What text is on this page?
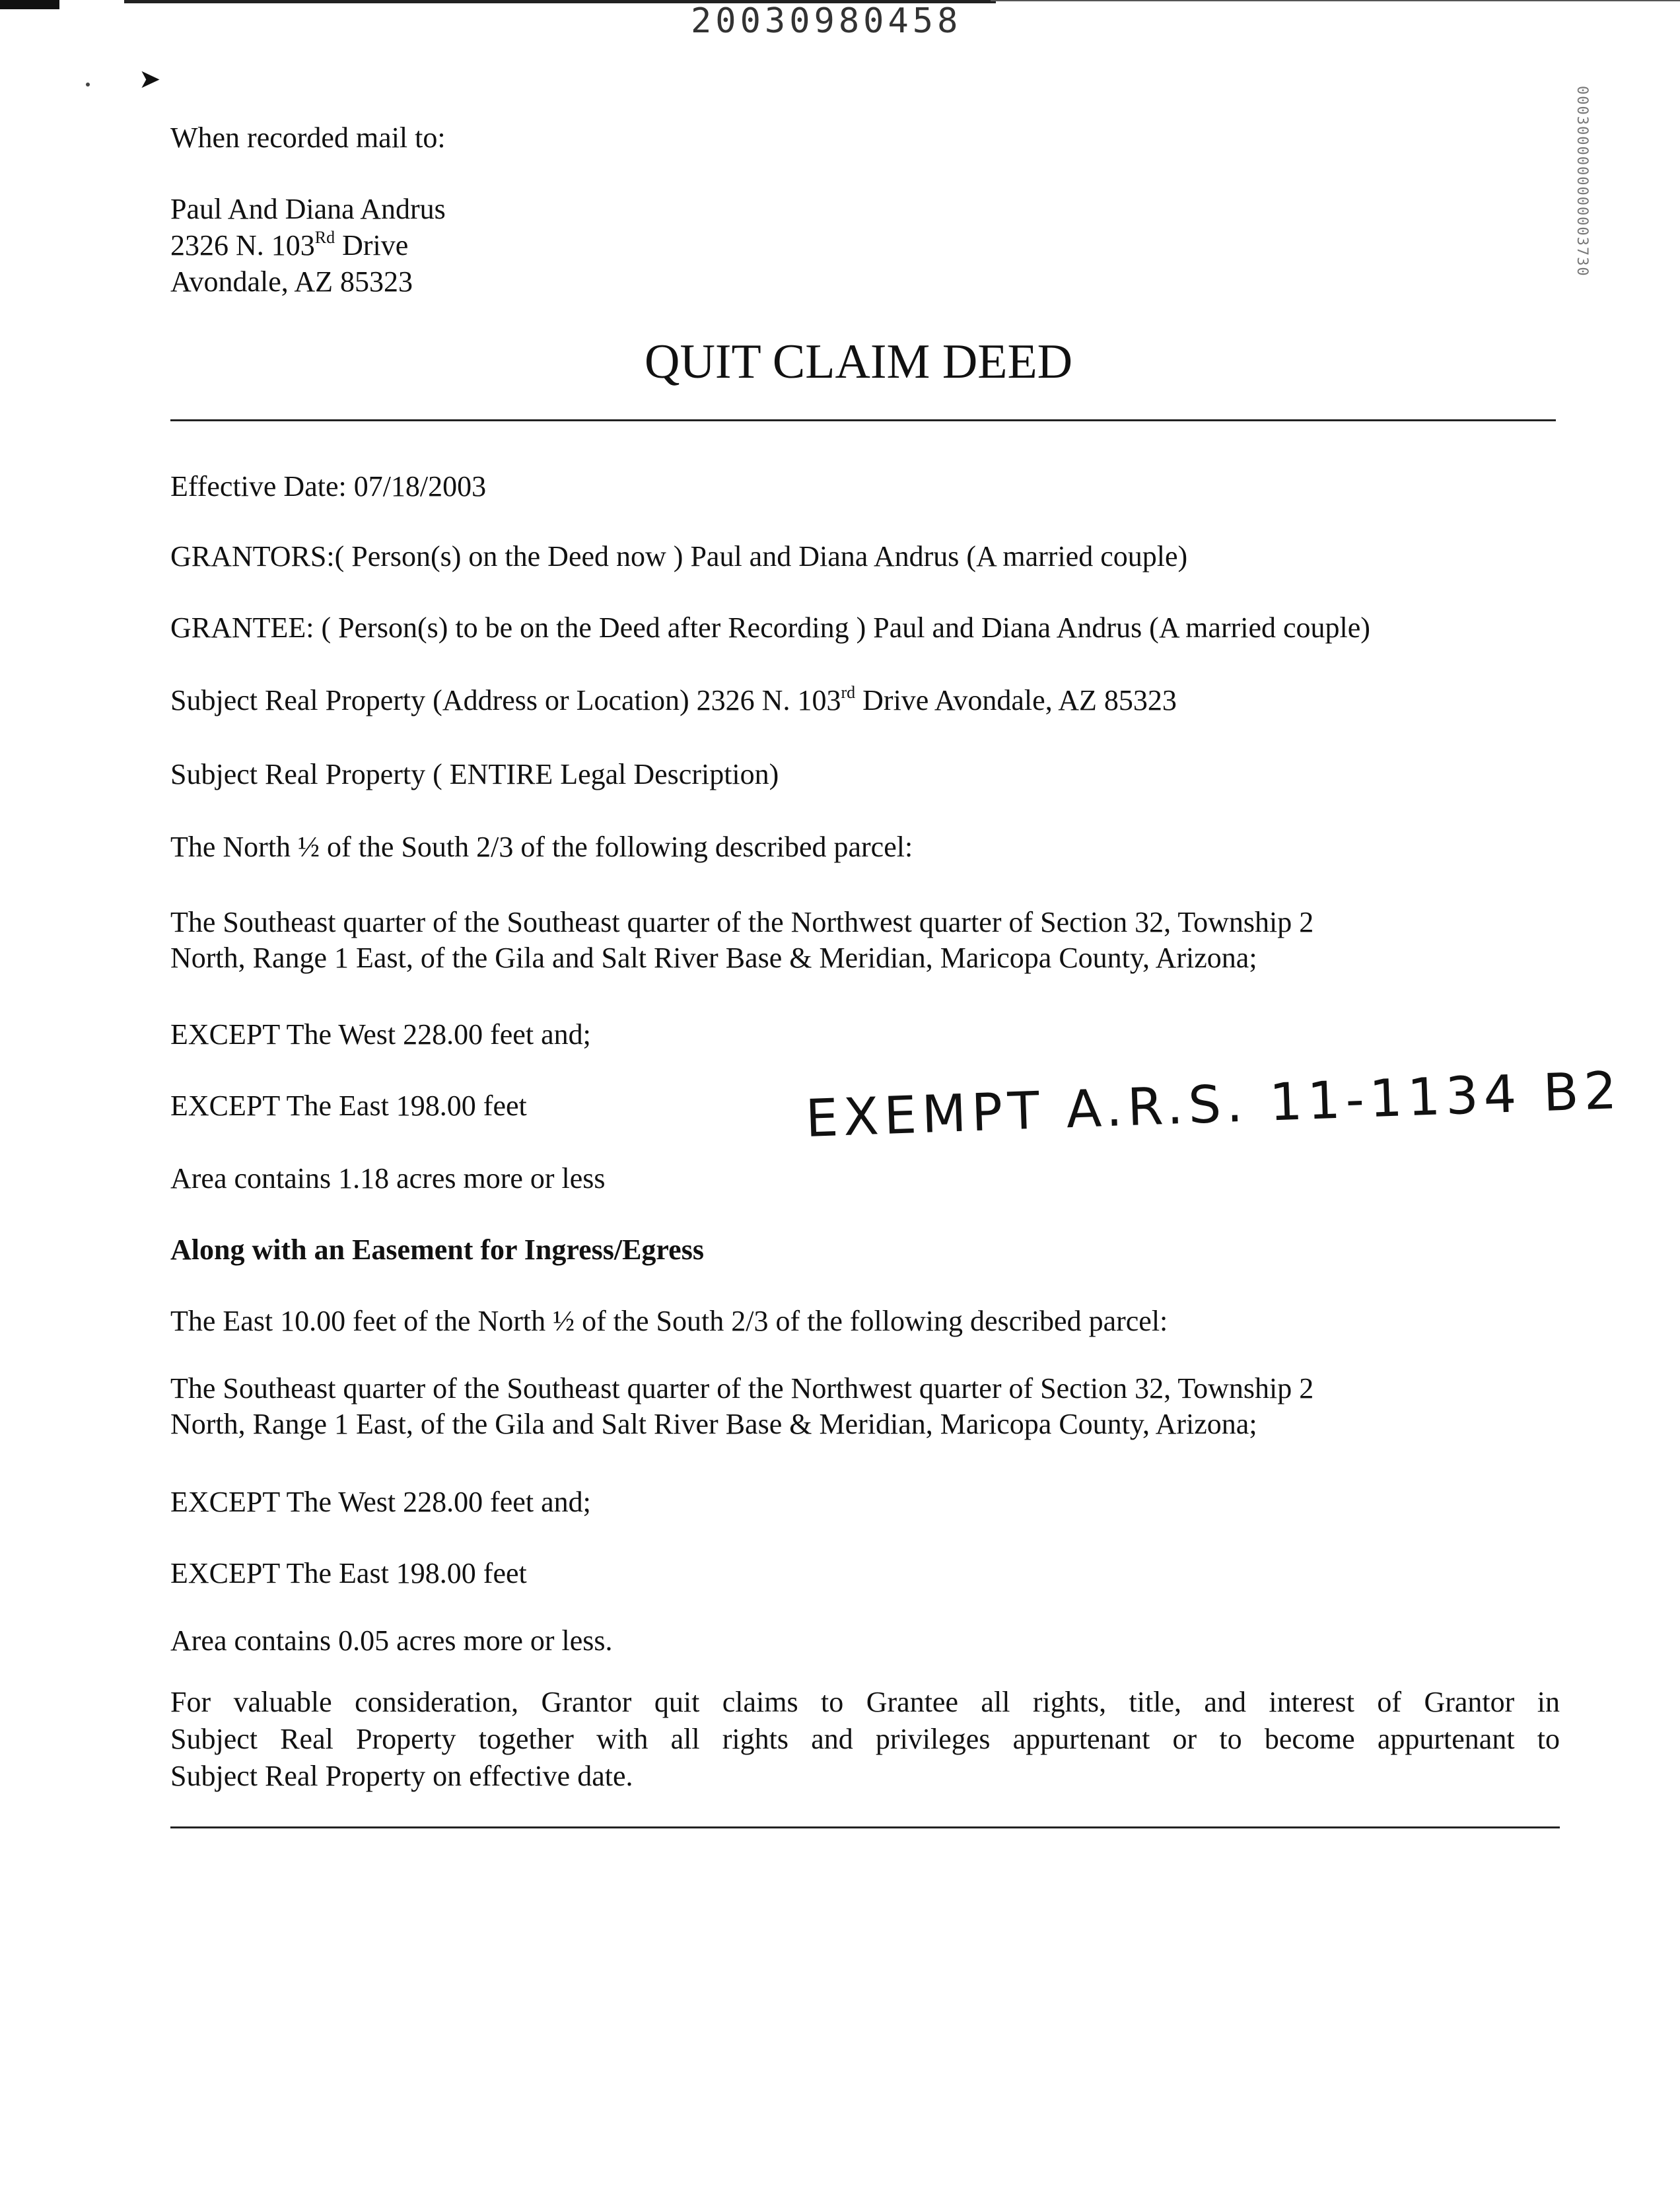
➤
20030980458
0003000000000003730
When recorded mail to:
Paul And Diana Andrus
2326 N. 103Rd Drive
Avondale, AZ 85323
QUIT CLAIM DEED
Effective Date: 07/18/2003
GRANTORS:( Person(s) on the Deed now ) Paul and Diana Andrus (A married couple)
GRANTEE: ( Person(s) to be on the Deed after Recording ) Paul and Diana Andrus (A married couple)
Subject Real Property (Address or Location) 2326 N. 103rd Drive Avondale, AZ 85323
Subject Real Property ( ENTIRE Legal Description)
The North ½ of the South 2/3 of the following described parcel:
The Southeast quarter of the Southeast quarter of the Northwest quarter of Section 32, Township 2
North, Range 1 East, of the Gila and Salt River Base & Meridian, Maricopa County, Arizona;
EXCEPT The West 228.00 feet and;
EXCEPT The East 198.00 feet
Area contains 1.18 acres more or less
EXEMPT A.R.S. 11-1134 B2
Along with an Easement for Ingress/Egress
The East 10.00 feet of the North ½ of the South 2/3 of the following described parcel:
The Southeast quarter of the Southeast quarter of the Northwest quarter of Section 32, Township 2
North, Range 1 East, of the Gila and Salt River Base & Meridian, Maricopa County, Arizona;
EXCEPT The West 228.00 feet and;
EXCEPT The East 198.00 feet
Area contains 0.05 acres more or less.
For valuable consideration, Grantor quit claims to Grantee all rights, title, and interest of Grantor in
Subject Real Property together with all rights and privileges appurtenant or to become appurtenant to
Subject Real Property on effective date.
